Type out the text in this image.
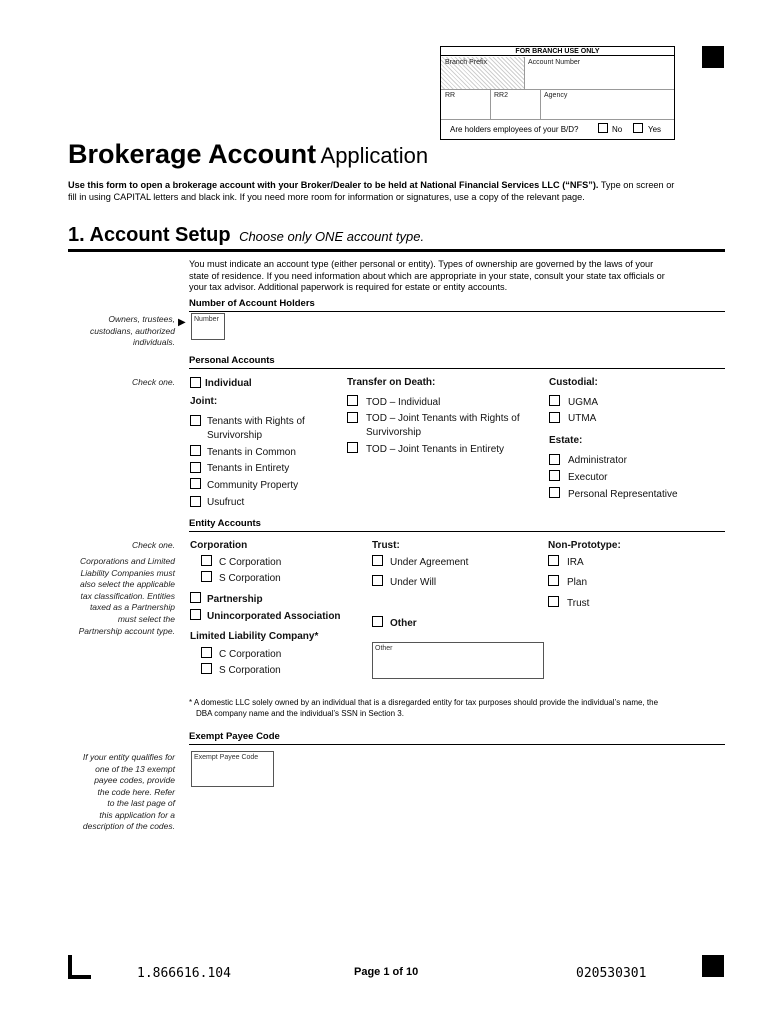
FOR BRANCH USE ONLY
Branch Prefix	Account Number
RR	RR2	Agency
Are holders employees of your B/D?	No	Yes
Brokerage Account Application
Use this form to open a brokerage account with your Broker/Dealer to be held at National Financial Services LLC (“NFS”). Type on screen or
fill in using CAPITAL letters and black ink. If you need more room for information or signatures, use a copy of the relevant page.
1. Account Setup Choose only ONE account type.
You must indicate an account type (either personal or entity). Types of ownership are governed by the laws of your
state of residence. If you need information about which are appropriate in your state, consult your state tax officials or
your tax advisor. Additional paperwork is required for estate or entity accounts.
Number of Account Holders
Owners, trustees,
custodians, authorized
individuals.
▶ Number
Personal Accounts
Check one.	Individual
Joint:
Tenants with Rights of
Survivorship
Tenants in Common
Tenants in Entirety
Community Property
Usufruct
Transfer on Death:
TOD – Individual
TOD – Joint Tenants with Rights of
Survivorship
TOD – Joint Tenants in Entirety
Custodial:
UGMA
UTMA
Estate:
Administrator
Executor
Personal Representative
Entity Accounts
Check one.
Corporations and Limited
Liability Companies must
also select the applicable
tax classification. Entities
taxed as a Partnership
must select the
Partnership account type.
Corporation
C Corporation
S Corporation
Partnership
Unincorporated Association
Limited Liability Company*
C Corporation
S Corporation
Trust:
Under Agreement
Under Will
Other
Other
Non-Prototype:
IRA
Plan
Trust
* A domestic LLC solely owned by an individual that is a disregarded entity for tax purposes should provide the individual’s name, the
DBA company name and the individual’s SSN in Section 3.
Exempt Payee Code
If your entity qualifies for
one of the 13 exempt
payee codes, provide
the code here. Refer
to the last page of
this application for a
description of the codes.
Exempt Payee Code
1.866616.104	Page 1 of 10	020530301
